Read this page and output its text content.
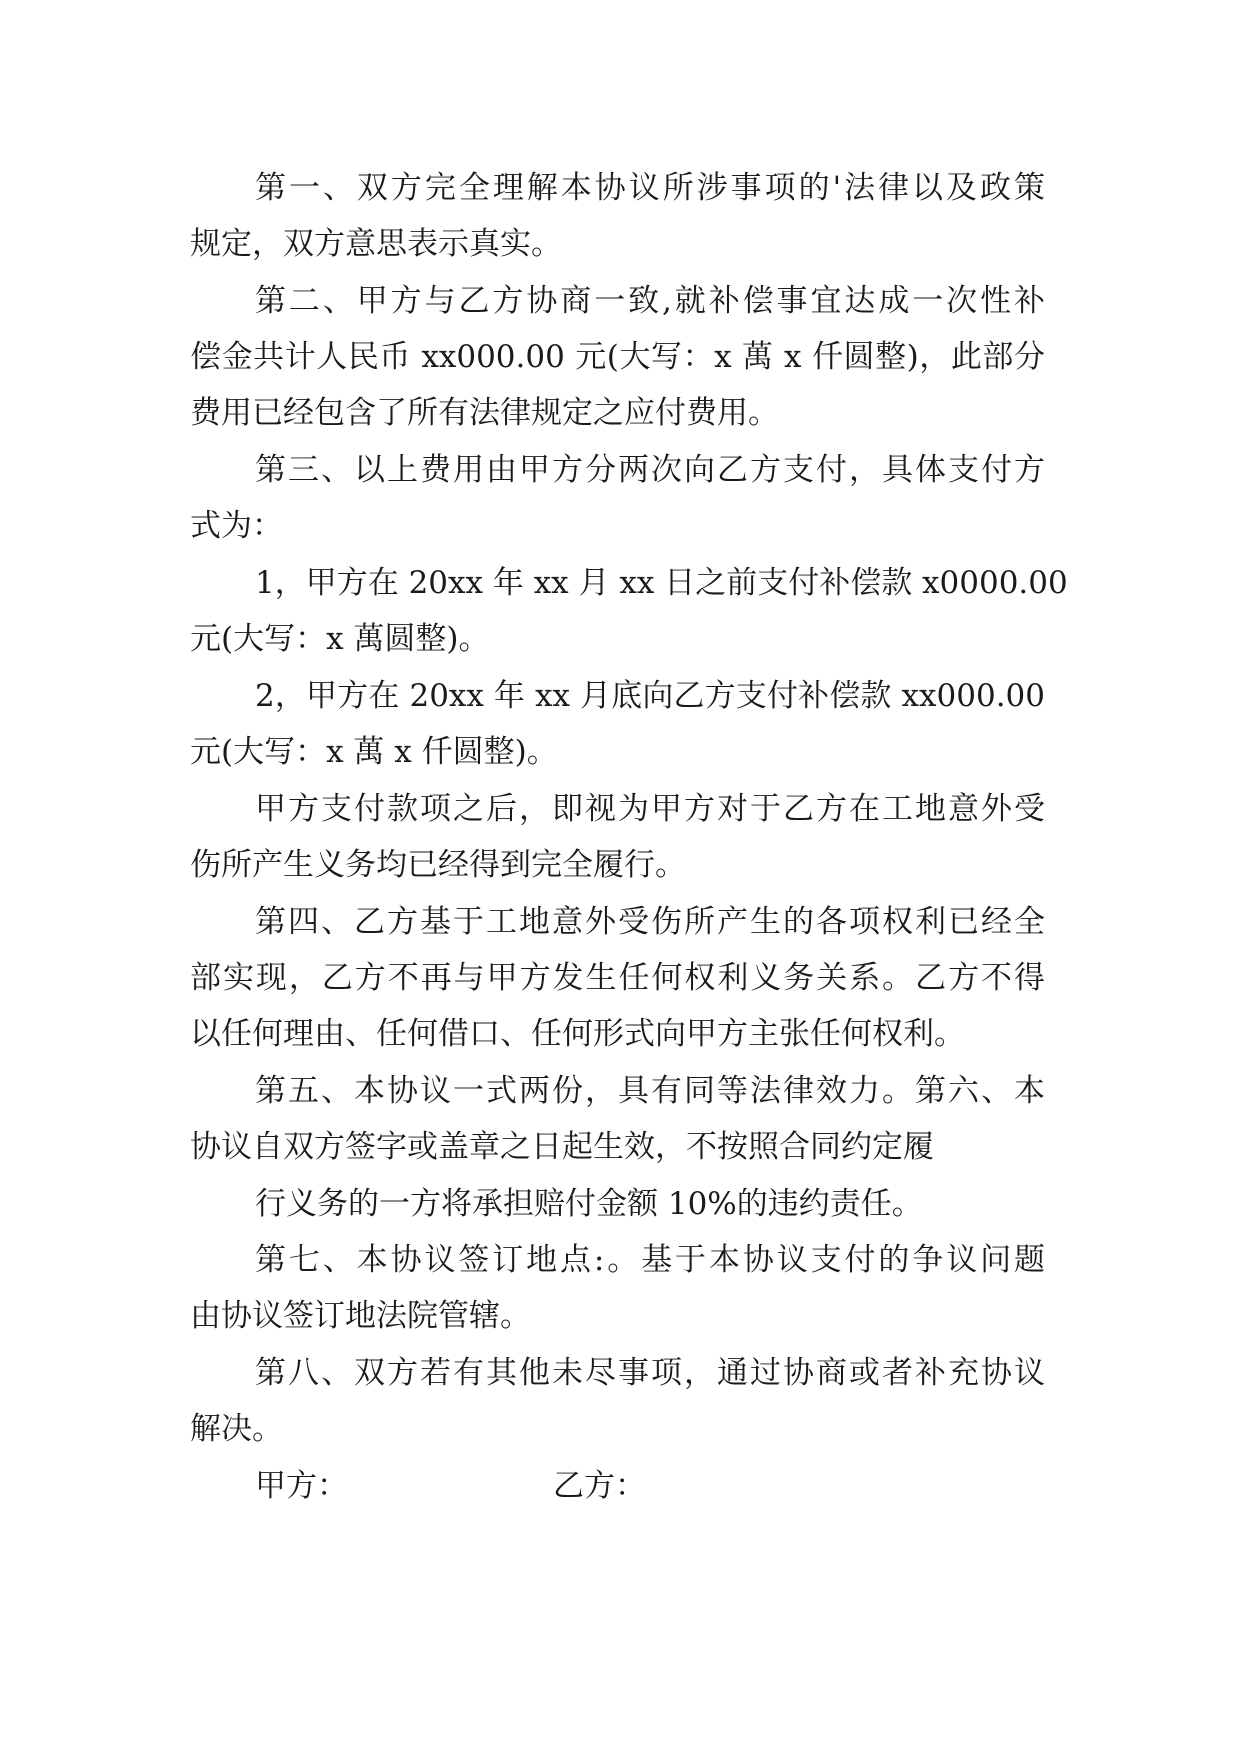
第一、双方完全理解本协议所涉事项的'法律以及政策
规定，双方意思表示真实。
第二、甲方与乙方协商一致,就补偿事宜达成一次性补
偿金共计人民币 xx000.00 元(大写：x 萬 x 仟圆整)，此部分
费用已经包含了所有法律规定之应付费用。
第三、以上费用由甲方分两次向乙方支付，具体支付方
式为：
1，甲方在 20xx 年 xx 月 xx 日之前支付补偿款 x0000.00
元(大写：x 萬圆整)。
2，甲方在 20xx 年 xx 月底向乙方支付补偿款 xx000.00
元(大写：x 萬 x 仟圆整)。
甲方支付款项之后，即视为甲方对于乙方在工地意外受
伤所产生义务均已经得到完全履行。
第四、乙方基于工地意外受伤所产生的各项权利已经全
部实现，乙方不再与甲方发生任何权利义务关系。乙方不得
以任何理由、任何借口、任何形式向甲方主张任何权利。
第五、本协议一式两份，具有同等法律效力。第六、本
协议自双方签字或盖章之日起生效，不按照合同约定履
行义务的一方将承担赔付金额 10%的违约责任。
第七、本协议签订地点:。基于本协议支付的争议问题
由协议签订地法院管辖。
第八、双方若有其他未尽事项，通过协商或者补充协议
解决。
甲方：	乙方：
